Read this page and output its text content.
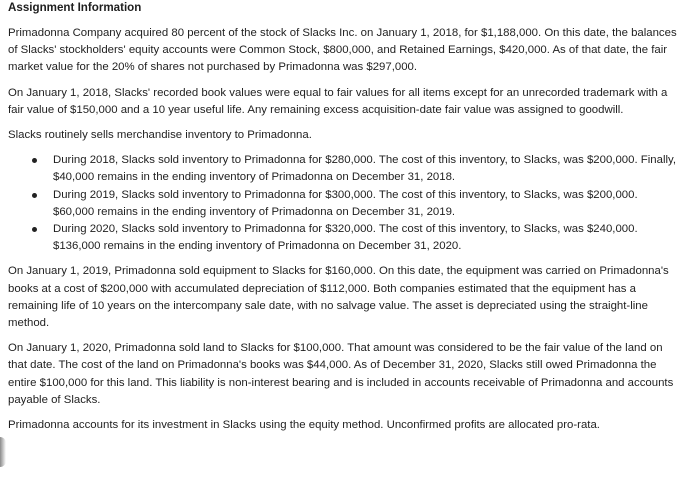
Assignment Information

Primadonna Company acquired 80 percent of the stock of Slacks Inc. on January 1, 2018, for $1,188,000. On this date, the balances of Slacks' stockholders' equity accounts were Common Stock, $800,000, and Retained Earnings, $420,000. As of that date, the fair market value for the 20% of shares not purchased by Primadonna was $297,000.

On January 1, 2018, Slacks' recorded book values were equal to fair values for all items except for an unrecorded trademark with a fair value of $150,000 and a 10 year useful life. Any remaining excess acquisition-date fair value was assigned to goodwill.

Slacks routinely sells merchandise inventory to Primadonna.

During 2018, Slacks sold inventory to Primadonna for $280,000. The cost of this inventory, to Slacks, was $200,000. Finally, $40,000 remains in the ending inventory of Primadonna on December 31, 2018.
During 2019, Slacks sold inventory to Primadonna for $300,000. The cost of this inventory, to Slacks, was $200,000. $60,000 remains in the ending inventory of Primadonna on December 31, 2019.
During 2020, Slacks sold inventory to Primadonna for $320,000. The cost of this inventory, to Slacks, was $240,000. $136,000 remains in the ending inventory of Primadonna on December 31, 2020.

On January 1, 2019, Primadonna sold equipment to Slacks for $160,000. On this date, the equipment was carried on Primadonna's books at a cost of $200,000 with accumulated depreciation of $112,000. Both companies estimated that the equipment has a remaining life of 10 years on the intercompany sale date, with no salvage value. The asset is depreciated using the straight-line method.

On January 1, 2020, Primadonna sold land to Slacks for $100,000. That amount was considered to be the fair value of the land on that date. The cost of the land on Primadonna's books was $44,000. As of December 31, 2020, Slacks still owed Primadonna the entire $100,000 for this land. This liability is non-interest bearing and is included in accounts receivable of Primadonna and accounts payable of Slacks.

Primadonna accounts for its investment in Slacks using the equity method. Unconfirmed profits are allocated pro-rata.
